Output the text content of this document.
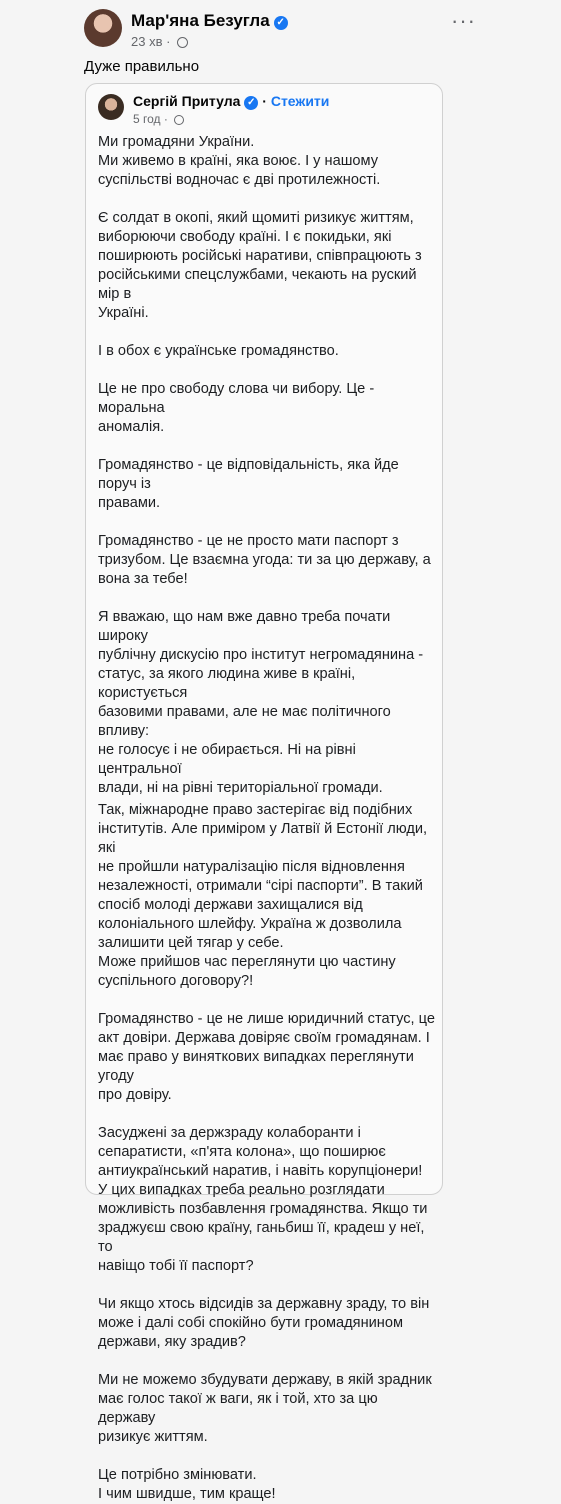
Мар'яна Безугла ✓
23 хв ·
···
Дуже правильно
Сергій Притула ✓ · Стежити
5 год ·

Ми громадяни України.
Ми живемо в країні, яка воює. І у нашому
суспільстві водночас є дві протилежності.

Є солдат в окопі, який щомиті ризикує життям,
виборюючи свободу країні. І є покидьки, які
поширюють російські наративи, співпрацюють з
російськими спецслужбами, чекають на руский мір в
Україні.

І в обох є українське громадянство.

Це не про свободу слова чи вибору. Це - моральна
аномалія.

Громадянство - це відповідальність, яка йде поруч із
правами.

Громадянство - це не просто мати паспорт з
тризубом. Це взаємна угода: ти за цю державу, а
вона за тебе!

Я вважаю, що нам вже давно треба почати широку
публічну дискусію про інститут негромадянина -
статус, за якого людина живе в країні, користується
базовими правами, але не має політичного впливу:
не голосує і не обирається. Ні на рівні центральної
влади, ні на рівні територіальної громади.

Так, міжнародне право застерігає від подібних
інститутів. Але приміром у Латвії й Естонії люди, які
не пройшли натуралізацію після відновлення
незалежності, отримали “сірі паспорти”. В такий
спосіб молоді держави захищалися від
колоніального шлейфу. Україна ж дозволила
залишити цей тягар у себе.
Може прийшов час переглянути цю частину
суспільного договору?!

Громадянство - це не лише юридичний статус, це
акт довіри. Держава довіряє своїм громадянам. І
має право у виняткових випадках переглянути угоду
про довіру.

Засуджені за держзраду колаборанти і
сепаратисти, «п'ята колона», що поширює
антиукраїнський наратив, і навіть корупціонери!
У цих випадках треба реально розглядати
можливість позбавлення громадянства. Якщо ти
зраджуєш свою країну, ганьбиш її, крадеш у неї, то
навіщо тобі її паспорт?

Чи якщо хтось відсидів за державну зраду, то він
може і далі собі спокійно бути громадянином
держави, яку зрадив?

Ми не можемо збудувати державу, в якій зрадник
має голос такої ж ваги, як і той, хто за цю державу
ризикує життям.

Це потрібно змінювати.
І чим швидше, тим краще!
